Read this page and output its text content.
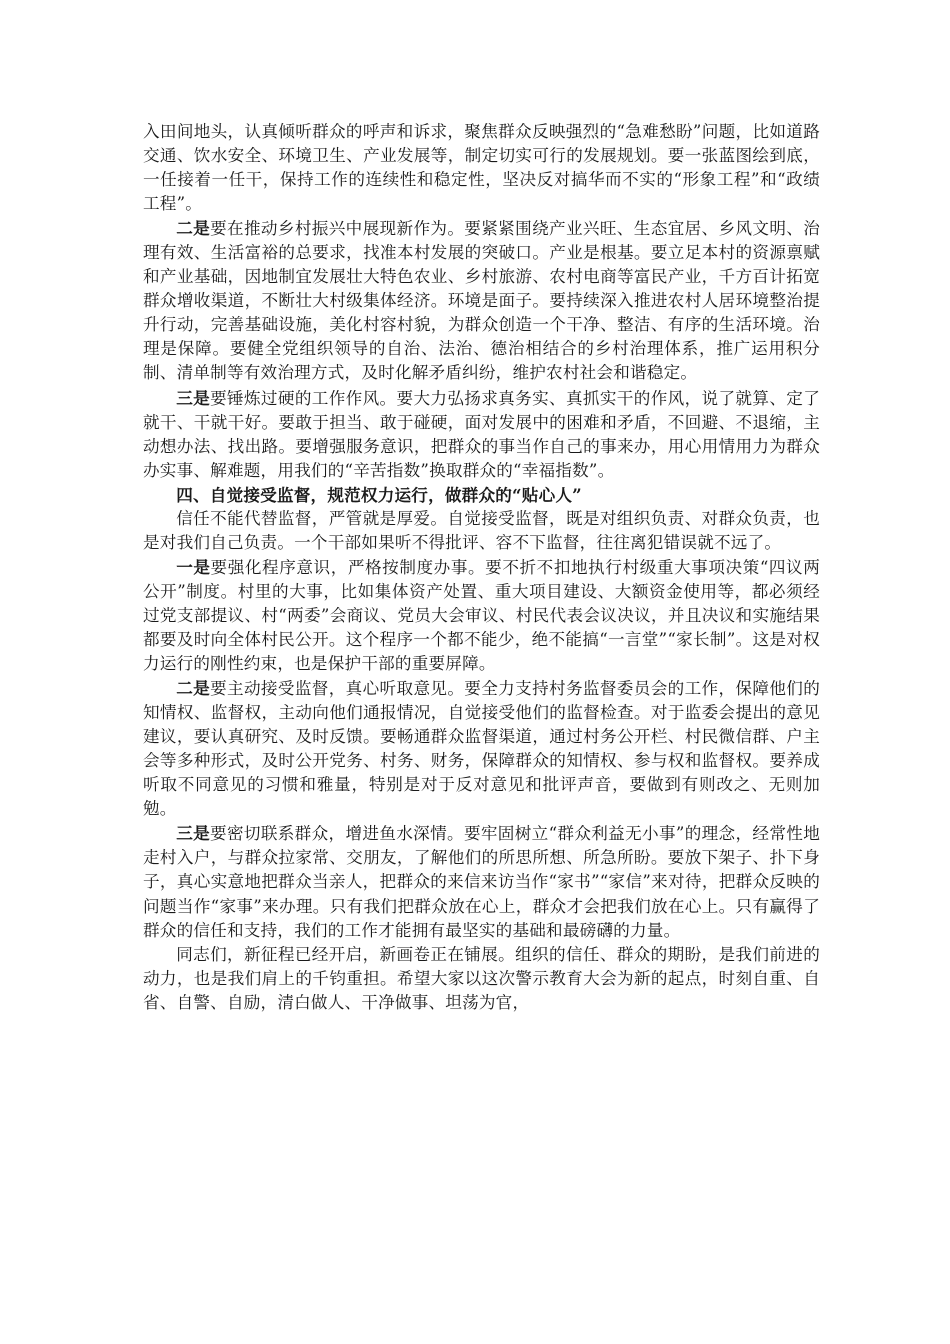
入田间地头，认真倾听群众的呼声和诉求，聚焦群众反映强烈的“急难愁盼”问题，比如道路交通、饮水安全、环境卫生、产业发展等，制定切实可行的发展规划。要一张蓝图绘到底，一任接着一任干，保持工作的连续性和稳定性，坚决反对搞华而不实的“形象工程”和“政绩工程”。

二是要在推动乡村振兴中展现新作为。要紧紧围绕产业兴旺、生态宜居、乡风文明、治理有效、生活富裕的总要求，找准本村发展的突破口。产业是根基。要立足本村的资源禀赋和产业基础，因地制宜发展壮大特色农业、乡村旅游、农村电商等富民产业，千方百计拓宽群众增收渠道，不断壮大村级集体经济。环境是面子。要持续深入推进农村人居环境整治提升行动，完善基础设施，美化村容村貌，为群众创造一个干净、整洁、有序的生活环境。治理是保障。要健全党组织领导的自治、法治、德治相结合的乡村治理体系，推广运用积分制、清单制等有效治理方式，及时化解矛盾纠纷，维护农村社会和谐稳定。

三是要锤炼过硬的工作作风。要大力弘扬求真务实、真抓实干的作风，说了就算、定了就干、干就干好。要敢于担当、敢于碰硬，面对发展中的困难和矛盾，不回避、不退缩，主动想办法、找出路。要增强服务意识，把群众的事当作自己的事来办，用心用情用力为群众办实事、解难题，用我们的“辛苦指数”换取群众的“幸福指数”。

四、自觉接受监督，规范权力运行，做群众的“贴心人”

信任不能代替监督，严管就是厚爱。自觉接受监督，既是对组织负责、对群众负责，也是对我们自己负责。一个干部如果听不得批评、容不下监督，往往离犯错误就不远了。

一是要强化程序意识，严格按制度办事。要不折不扣地执行村级重大事项决策“四议两公开”制度。村里的大事，比如集体资产处置、重大项目建设、大额资金使用等，都必须经过党支部提议、村“两委”会商议、党员大会审议、村民代表会议决议，并且决议和实施结果都要及时向全体村民公开。这个程序一个都不能少，绝不能搞“一言堂”“家长制”。这是对权力运行的刚性约束，也是保护干部的重要屏障。

二是要主动接受监督，真心听取意见。要全力支持村务监督委员会的工作，保障他们的知情权、监督权，主动向他们通报情况，自觉接受他们的监督检查。对于监委会提出的意见建议，要认真研究、及时反馈。要畅通群众监督渠道，通过村务公开栏、村民微信群、户主会等多种形式，及时公开党务、村务、财务，保障群众的知情权、参与权和监督权。要养成听取不同意见的习惯和雅量，特别是对于反对意见和批评声音，要做到有则改之、无则加勉。

三是要密切联系群众，增进鱼水深情。要牢固树立“群众利益无小事”的理念，经常性地走村入户，与群众拉家常、交朋友，了解他们的所思所想、所急所盼。要放下架子、扑下身子，真心实意地把群众当亲人，把群众的来信来访当作“家书”“家信”来对待，把群众反映的问题当作“家事”来办理。只有我们把群众放在心上，群众才会把我们放在心上。只有赢得了群众的信任和支持，我们的工作才能拥有最坚实的基础和最磅礴的力量。

同志们，新征程已经开启，新画卷正在铺展。组织的信任、群众的期盼，是我们前进的动力，也是我们肩上的千钧重担。希望大家以这次警示教育大会为新的起点，时刻自重、自省、自警、自励，清白做人、干净做事、坦荡为官，
